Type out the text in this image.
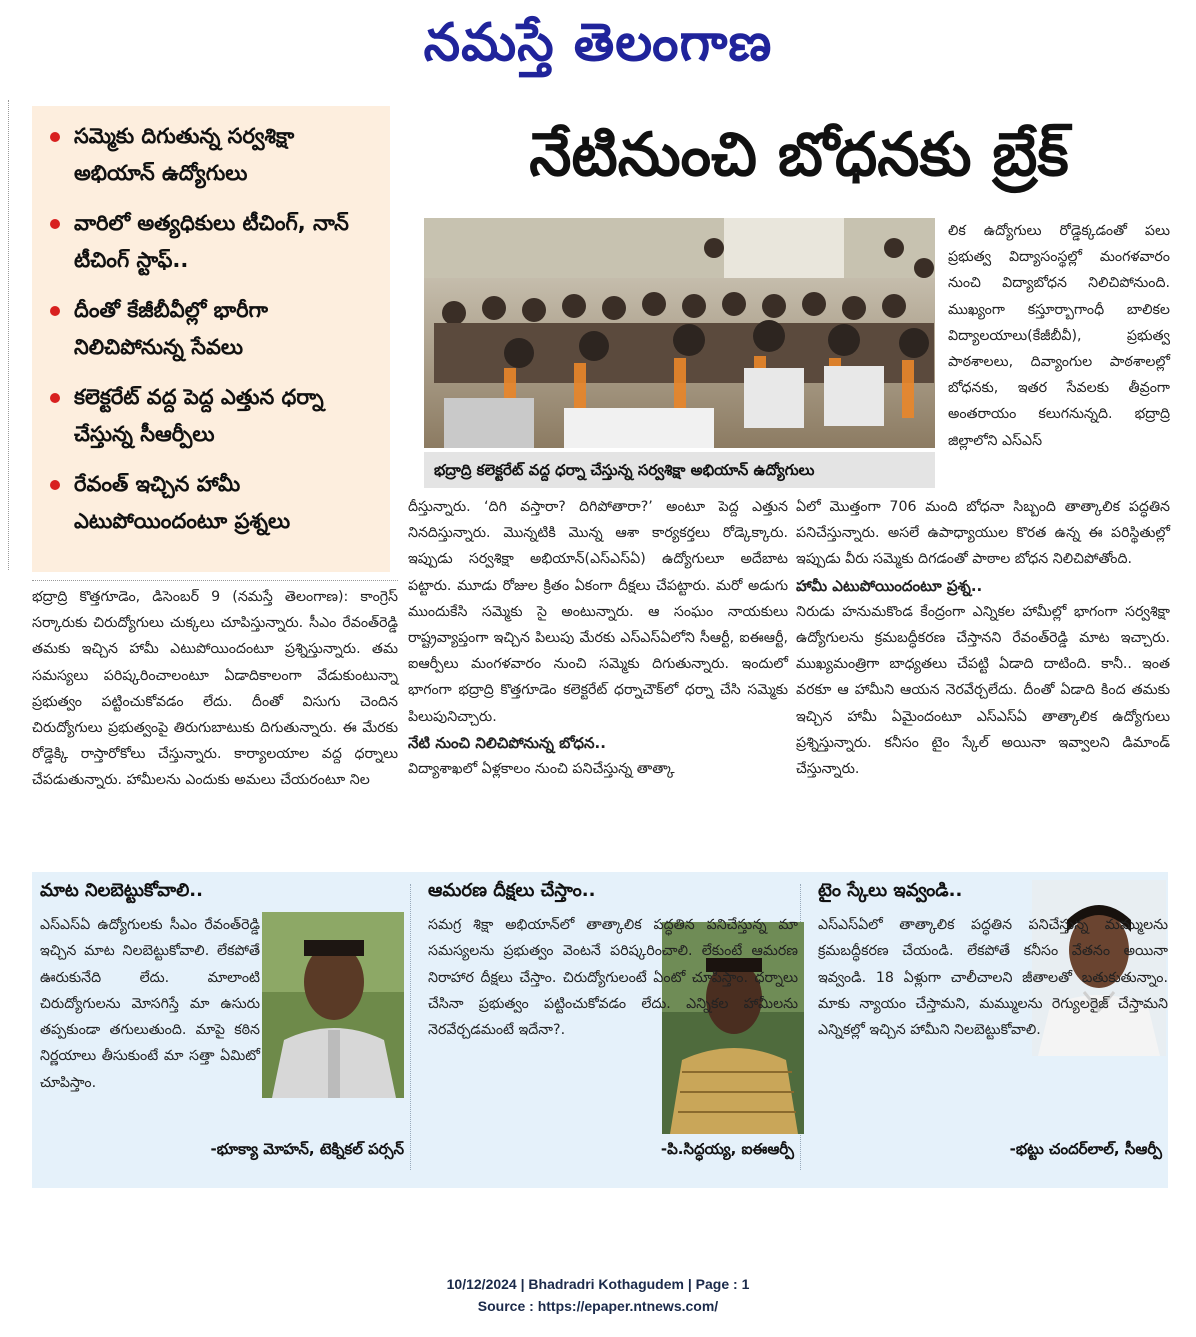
నమస్తే తెలంగాణ
సమ్మెకు దిగుతున్న సర్వశిక్షా అభియాన్ ఉద్యోగులు
వారిలో అత్యధికులు టీచింగ్, నాన్ టీచింగ్ స్టాఫ్..
దీంతో కేజీబీవీల్లో భారీగా నిలిచిపోనున్న సేవలు
కలెక్టరేట్ వద్ద పెద్ద ఎత్తున ధర్నా చేస్తున్న సీఆర్పీలు
రేవంత్ ఇచ్చిన హామీ ఎటుపోయిందంటూ ప్రశ్నలు
నేటినుంచి బోధనకు బ్రేక్
భద్రాద్రి కలెక్టరేట్ వద్ద ధర్నా చేస్తున్న సర్వశిక్షా అభియాన్ ఉద్యోగులు

భద్రాద్రి కొత్తగూడెం, డిసెంబర్ 9 (నమస్తే తెలంగాణ): కాంగ్రెస్ సర్కారుకు చిరుద్యోగులు చుక్కలు చూపిస్తున్నారు. సీఎం రేవంత్‌రెడ్డి తమకు ఇచ్చిన హామీ ఎటుపోయిందంటూ ప్రశ్నిస్తున్నారు. తమ సమస్యలు పరిష్కరించాలంటూ ఏడాదికాలంగా వేడుకుంటున్నా ప్రభుత్వం పట్టించుకోవడం లేదు. దీంతో విసుగు చెందిన చిరుద్యోగులు ప్రభుత్వంపై తిరుగుబాటుకు దిగుతున్నారు. ఈ మేరకు రోడ్డెక్కి రాస్తారోకోలు చేస్తున్నారు. కార్యాలయాల వద్ద ధర్నాలు చేపడుతున్నారు. హామీలను ఎందుకు అమలు చేయరంటూ నిల

దీస్తున్నారు. ‘దిగి వస్తారా? దిగిపోతారా?’ అంటూ పెద్ద ఎత్తున నినదిస్తున్నారు. మొన్నటికి మొన్న ఆశా కార్యకర్తలు రోడ్కెక్కారు. ఇప్పుడు సర్వశిక్షా అభియాన్(ఎస్ఎస్ఏ) ఉద్యోగులూ అదేబాట పట్టారు. మూడు రోజుల క్రితం ఏకంగా దీక్షలు చేపట్టారు. మరో అడుగు ముందుకేసి సమ్మెకు సై అంటున్నారు. ఆ సంఘం నాయకులు రాష్ట్రవ్యాప్తంగా ఇచ్చిన పిలుపు మేరకు ఎస్ఎస్ఏలోని సీఆర్టీ, ఐఈఆర్టీ, ఐఆర్పీలు మంగళవారం నుంచి సమ్మెకు దిగుతున్నారు. ఇందులో భాగంగా భద్రాద్రి కొత్తగూడెం కలెక్టరేట్ ధర్నాచౌక్‌లో ధర్నా చేసి సమ్మెకు పిలుపునిచ్చారు.

నేటి నుంచి నిలిచిపోనున్న బోధన..

విద్యాశాఖలో ఏళ్లకాలం నుంచి పనిచేస్తున్న తాత్కా

లిక ఉద్యోగులు రోడ్డెక్కడంతో పలు ప్రభుత్వ విద్యాసంస్థల్లో మంగళవారం నుంచి విద్యాబోధన నిలిచిపోనుంది. ముఖ్యంగా కస్తూర్బాగాంధీ బాలికల విద్యాలయాలు(కేజీబీవీ), ప్రభుత్వ పాఠశాలలు, దివ్యాంగుల పాఠశాలల్లో బోధనకు, ఇతర సేవలకు తీవ్రంగా అంతరాయం కలుగనున్నది. భద్రాద్రి జిల్లాలోని ఎస్ఎస్

ఏలో మొత్తంగా 706 మంది బోధనా సిబ్బంది తాత్కాలిక పద్ధతిన పనిచేస్తున్నారు. అసలే ఉపాధ్యాయుల కొరత ఉన్న ఈ పరిస్థితుల్లో ఇప్పుడు వీరు సమ్మెకు దిగడంతో పాఠాల బోధన నిలిచిపోతోంది.

హామీ ఎటుపోయిందంటూ ప్రశ్న..

నిరుడు హనుమకొండ కేంద్రంగా ఎన్నికల హామీల్లో భాగంగా సర్వశిక్షా ఉద్యోగులను క్రమబద్ధీకరణ చేస్తానని రేవంత్‌రెడ్డి మాట ఇచ్చారు. ముఖ్యమంత్రిగా బాధ్యతలు చేపట్టి ఏడాది దాటింది. కానీ.. ఇంత వరకూ ఆ హామీని ఆయన నెరవేర్చలేదు. దీంతో ఏడాది కింద తమకు ఇచ్చిన హామీ ఏమైందంటూ ఎస్ఎస్ఏ తాత్కాలిక ఉద్యోగులు ప్రశ్నిస్తున్నారు. కనీసం టైం స్కేల్ అయినా ఇవ్వాలని డిమాండ్ చేస్తున్నారు.

మాట నిలబెట్టుకోవాలి..
ఎస్ఎస్ఏ ఉద్యోగులకు సీఎం రేవంత్‌రెడ్డి ఇచ్చిన మాట నిలబెట్టుకోవాలి. లేకపోతే ఊరుకునేది లేదు. మాలాంటి చిరుద్యోగులను మోసగిస్తే మా ఉసురు తప్పకుండా తగులుతుంది. మాపై కఠిన నిర్ణయాలు తీసుకుంటే మా సత్తా ఏమిటో చూపిస్తాం.
-భూక్యా మోహన్, టెక్నికల్ పర్సన్
ఆమరణ దీక్షలు చేస్తాం..
సమగ్ర శిక్షా అభియాన్‌లో తాత్కాలిక పద్ధతిన పనిచేస్తున్న మా సమస్యలను ప్రభుత్వం వెంటనే పరిష్కరించాలి. లేకుంటే ఆమరణ నిరాహార దీక్షలు చేస్తాం. చిరుద్యోగులంటే ఏంటో చూపిస్తాం. ధర్నాలు చేసినా ప్రభుత్వం పట్టించుకోవడం లేదు. ఎన్నికల హామీలను నెరవేర్చడమంటే ఇదేనా?.
-పి.సిద్ధయ్య, ఐఈఆర్పీ
టైం స్కేలు ఇవ్వండి..
ఎస్ఎస్ఏలో తాత్కాలిక పద్ధతిన పనిచేస్తున్న మమ్ములను క్రమబద్ధీకరణ చేయండి. లేకపోతే కనీసం వేతనం అయినా ఇవ్వండి. 18 ఏళ్లుగా చాలీచాలని జీతాలతో బతుకుతున్నాం. మాకు న్యాయం చేస్తామని, మమ్ములను రెగ్యులరైజ్ చేస్తామని ఎన్నికల్లో ఇచ్చిన హామీని నిలబెట్టుకోవాలి.
-భట్టు చందర్‌లాల్, సీఆర్పీ
10/12/2024 | Bhadradri Kothagudem | Page : 1
Source : https://epaper.ntnews.com/
